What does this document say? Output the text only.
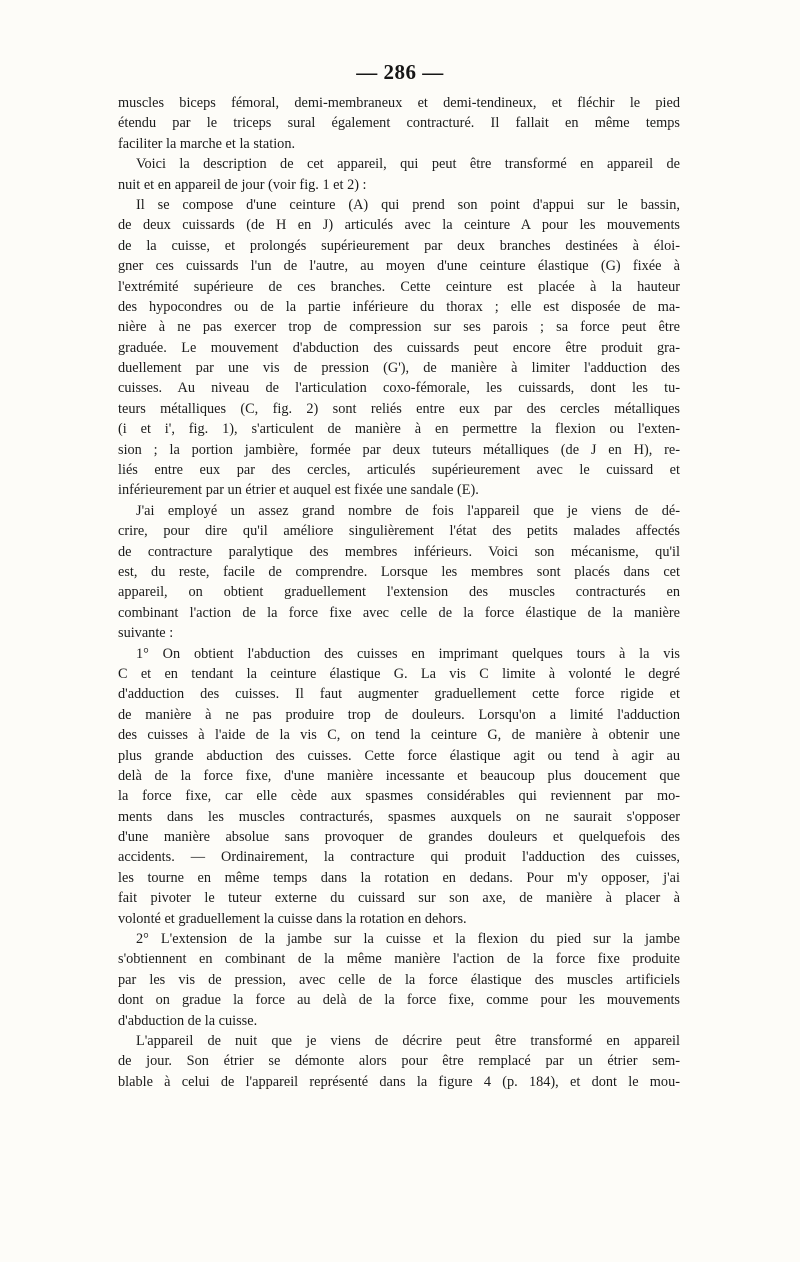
— 286 —
muscles biceps fémoral, demi-membraneux et demi-tendineux, et fléchir le pied
étendu par le triceps sural également contracturé. Il fallait en même temps
faciliter la marche et la station.
Voici la description de cet appareil, qui peut être transformé en appareil de
nuit et en appareil de jour (voir fig. 1 et 2) :
Il se compose d'une ceinture (A) qui prend son point d'appui sur le bassin,
de deux cuissards (de H en J) articulés avec la ceinture A pour les mouvements
de la cuisse, et prolongés supérieurement par deux branches destinées à éloi-
gner ces cuissards l'un de l'autre, au moyen d'une ceinture élastique (G) fixée à
l'extrémité supérieure de ces branches. Cette ceinture est placée à la hauteur
des hypocondres ou de la partie inférieure du thorax ; elle est disposée de ma-
nière à ne pas exercer trop de compression sur ses parois ; sa force peut être
graduée. Le mouvement d'abduction des cuissards peut encore être produit gra-
duellement par une vis de pression (G'), de manière à limiter l'adduction des
cuisses. Au niveau de l'articulation coxo-fémorale, les cuissards, dont les tu-
teurs métalliques (C, fig. 2) sont reliés entre eux par des cercles métalliques
(i et i', fig. 1), s'articulent de manière à en permettre la flexion ou l'exten-
sion ; la portion jambière, formée par deux tuteurs métalliques (de J en H), re-
liés entre eux par des cercles, articulés supérieurement avec le cuissard et
inférieurement par un étrier et auquel est fixée une sandale (E).
J'ai employé un assez grand nombre de fois l'appareil que je viens de dé-
crire, pour dire qu'il améliore singulièrement l'état des petits malades affectés
de contracture paralytique des membres inférieurs. Voici son mécanisme, qu'il
est, du reste, facile de comprendre. Lorsque les membres sont placés dans cet
appareil, on obtient graduellement l'extension des muscles contracturés en
combinant l'action de la force fixe avec celle de la force élastique de la manière
suivante :
1° On obtient l'abduction des cuisses en imprimant quelques tours à la vis
C et en tendant la ceinture élastique G. La vis C limite à volonté le degré
d'adduction des cuisses. Il faut augmenter graduellement cette force rigide et
de manière à ne pas produire trop de douleurs. Lorsqu'on a limité l'adduction
des cuisses à l'aide de la vis C, on tend la ceinture G, de manière à obtenir une
plus grande abduction des cuisses. Cette force élastique agit ou tend à agir au
delà de la force fixe, d'une manière incessante et beaucoup plus doucement que
la force fixe, car elle cède aux spasmes considérables qui reviennent par mo-
ments dans les muscles contracturés, spasmes auxquels on ne saurait s'opposer
d'une manière absolue sans provoquer de grandes douleurs et quelquefois des
accidents. — Ordinairement, la contracture qui produit l'adduction des cuisses,
les tourne en même temps dans la rotation en dedans. Pour m'y opposer, j'ai
fait pivoter le tuteur externe du cuissard sur son axe, de manière à placer à
volonté et graduellement la cuisse dans la rotation en dehors.
2° L'extension de la jambe sur la cuisse et la flexion du pied sur la jambe
s'obtiennent en combinant de la même manière l'action de la force fixe produite
par les vis de pression, avec celle de la force élastique des muscles artificiels
dont on gradue la force au delà de la force fixe, comme pour les mouvements
d'abduction de la cuisse.
L'appareil de nuit que je viens de décrire peut être transformé en appareil
de jour. Son étrier se démonte alors pour être remplacé par un étrier sem-
blable à celui de l'appareil représenté dans la figure 4 (p. 184), et dont le mou-
